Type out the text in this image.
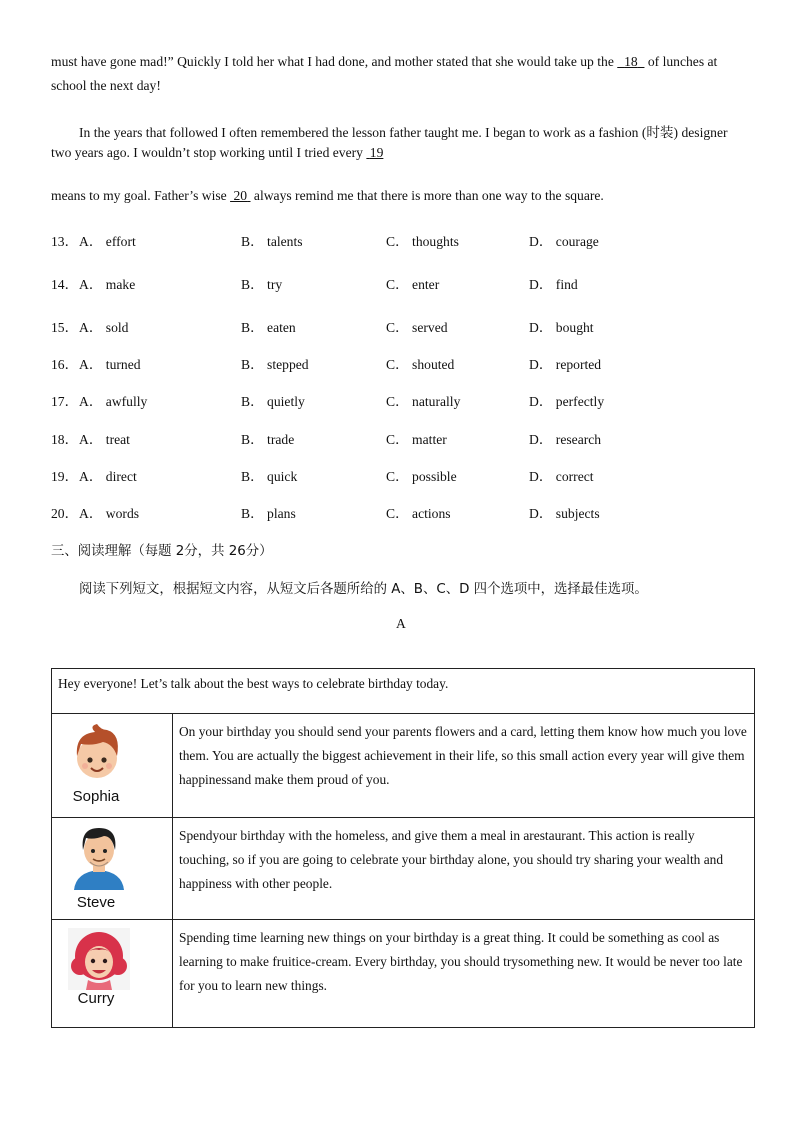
must have gone mad!” Quickly I told her what I had done, and mother stated that she would take up the 18 of lunches at
school the next day!
In the years that followed I often remembered the lesson father taught me. I began to work as a fashion (时装) designer
two years ago. I wouldn’t stop working until I tried every 19
means to my goal. Father’s wise 20 always remind me that there is more than one way to the square.
13． A． effort	B． talents	C． thoughts	D． courage
14． A． make	B． try	C． enter	D． find
15． A． sold	B． eaten	C． served	D． bought
16． A． turned	B． stepped	C． shouted	D． reported
17． A． awfully	B． quietly	C． naturally	D． perfectly
18． A． treat	B． trade	C． matter	D． research
19． A． direct	B． quick	C． possible	D． correct
20． A． words	B． plans	C． actions	D． subjects
三、阅读理解（每题 2分，共 26分）
阅读下列短文，根据短文内容，从短文后各题所给的 A、B、C、D 四个选项中，选择最佳选项。
A
Hey everyone! Let’s talk about the best ways to celebrate birthday today.	

Sophia	On your birthday you should send your parents flowers and a card, letting them know how much you love them. You are actually the biggest achievement in their life, so this small action every year will give them happinessand make them proud of you.

Steve	Spendyour birthday with the homeless, and give them a meal in arestaurant. This action is really touching, so if you are going to celebrate your birthday alone, you should try sharing your wealth and happiness with other people.

Curry	Spending time learning new things on your birthday is a great thing. It could be something as cool as learning to make fruitice-cream. Every birthday, you should trysomething new. It would be never too late for you to learn new things.
